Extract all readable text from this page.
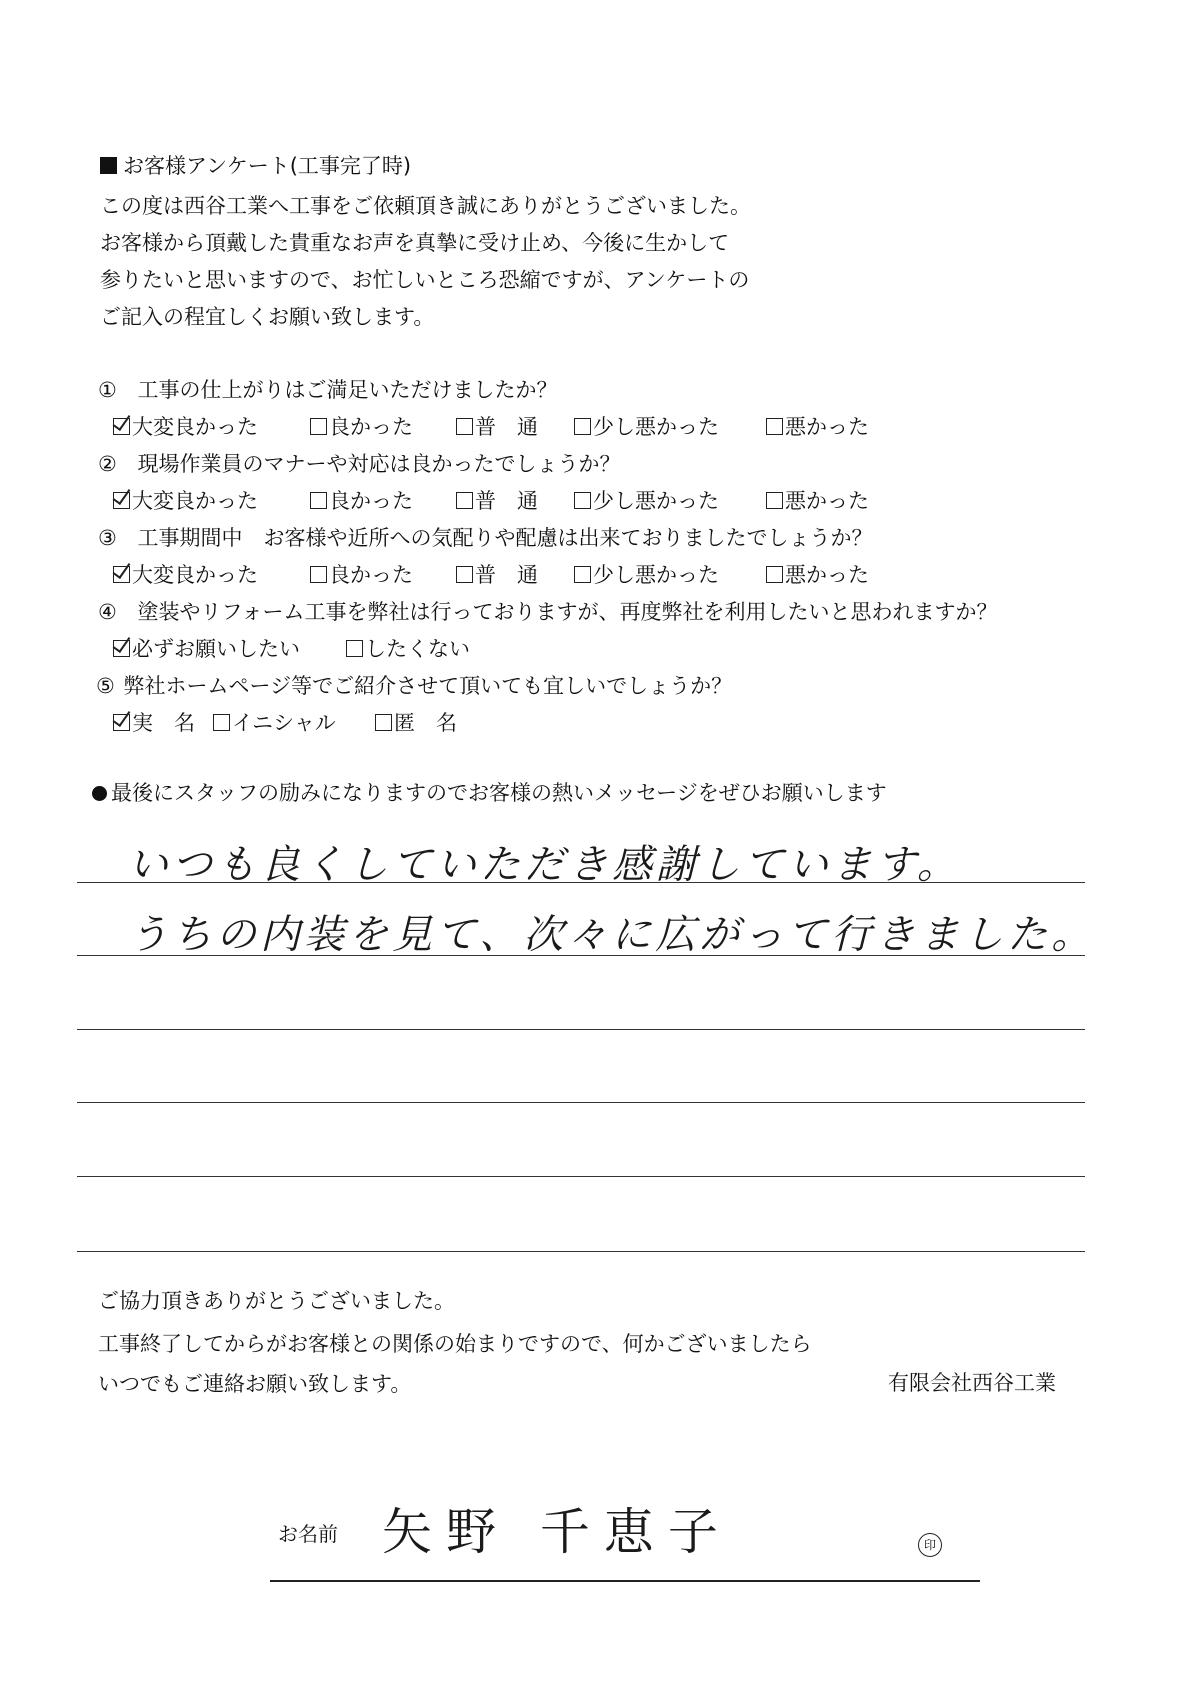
お客様アンケート(工事完了時)
この度は西谷工業へ工事をご依頼頂き誠にありがとうございました。
お客様から頂戴した貴重なお声を真摯に受け止め、今後に生かして
参りたいと思いますので、お忙しいところ恐縮ですが、アンケートの
ご記入の程宜しくお願い致します。
① 工事の仕上がりはご満足いただけましたか？
大変良かった	良かった	普　通	少し悪かった	悪かった
② 現場作業員のマナーや対応は良かったでしょうか？
大変良かった	良かった	普　通	少し悪かった	悪かった
③ 工事期間中　お客様や近所への気配りや配慮は出来ておりましたでしょうか？
大変良かった	良かった	普　通	少し悪かった	悪かった
④ 塗装やリフォーム工事を弊社は行っておりますが、再度弊社を利用したいと思われますか？
必ずお願いしたい	したくない
⑤ 弊社ホームページ等でご紹介させて頂いても宜しいでしょうか？
実　名	イニシャル	匿　名
最後にスタッフの励みになりますのでお客様の熱いメッセージをぜひお願いします
いつも良くしていただき感謝しています。
うちの内装を見て、次々に広がって行きました。
ご協力頂きありがとうございました。
工事終了してからがお客様との関係の始まりですので、何かございましたら
いつでもご連絡お願い致します。	有限会社西谷工業
お名前 矢野 千恵子	印
